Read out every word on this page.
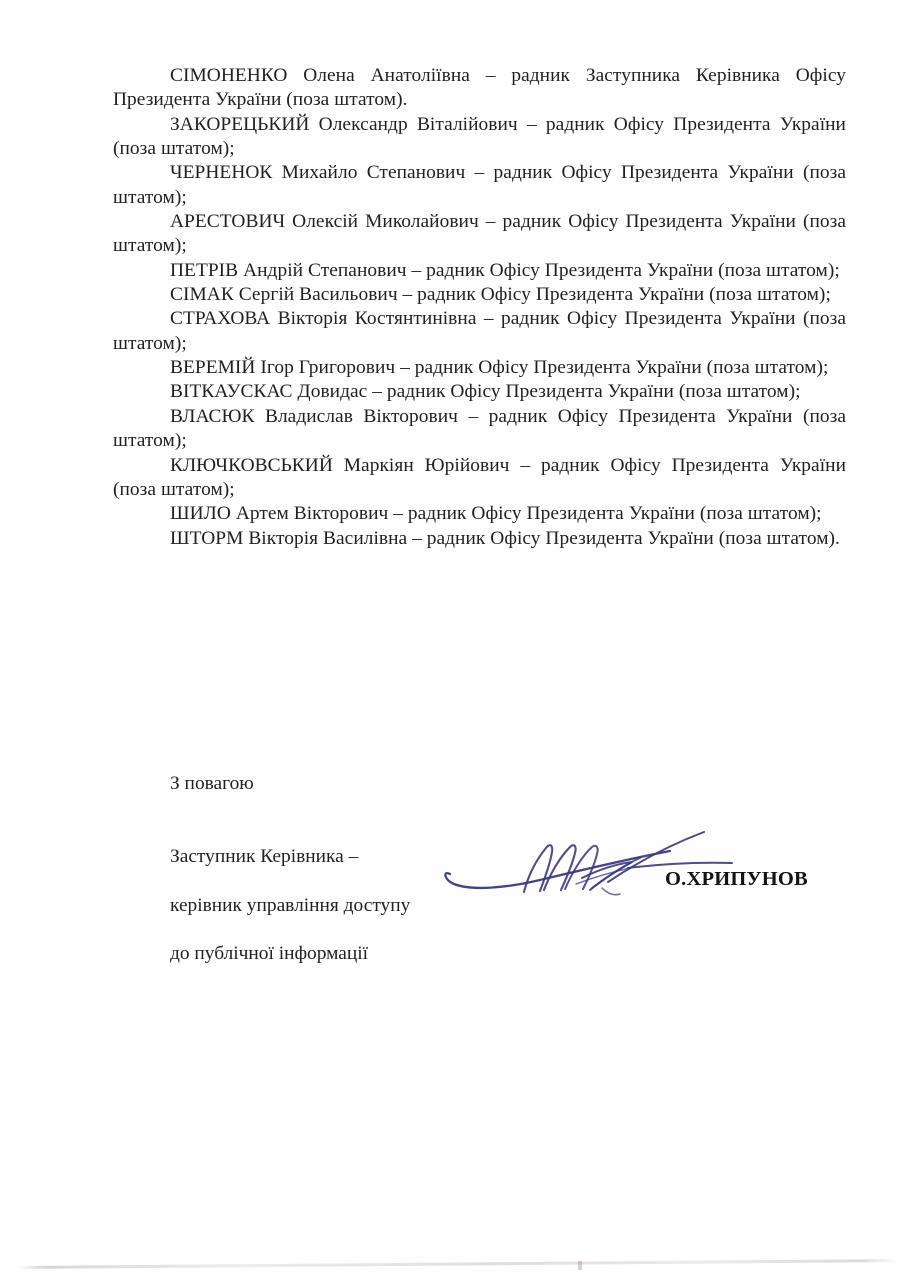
СІМОНЕНКО Олена Анатоліївна – радник Заступника Керівника Офісу Президента України (поза штатом).

ЗАКОРЕЦЬКИЙ Олександр Віталійович – радник Офісу Президента України (поза штатом);

ЧЕРНЕНОК Михайло Степанович – радник Офісу Президента України (поза штатом);

АРЕСТОВИЧ Олексій Миколайович – радник Офісу Президента України (поза штатом);

ПЕТРІВ Андрій Степанович – радник Офісу Президента України (поза штатом);

СІМАК Сергій Васильович – радник Офісу Президента України (поза штатом);

СТРАХОВА Вікторія Костянтинівна – радник Офісу Президента України (поза штатом);

ВЕРЕМІЙ Ігор Григорович – радник Офісу Президента України (поза штатом);

ВІТКАУСКАС Довидас – радник Офісу Президента України (поза штатом);

ВЛАСЮК Владислав Вікторович – радник Офісу Президента України (поза штатом);

КЛЮЧКОВСЬКИЙ Маркіян Юрійович – радник Офісу Президента України (поза штатом);

ШИЛО Артем Вікторович – радник Офісу Президента України (поза штатом);

ШТОРМ Вікторія Василівна – радник Офісу Президента України (поза штатом).

З повагою

Заступник Керівника –

керівник управління доступу

до публічної інформації

О.ХРИПУНОВ
